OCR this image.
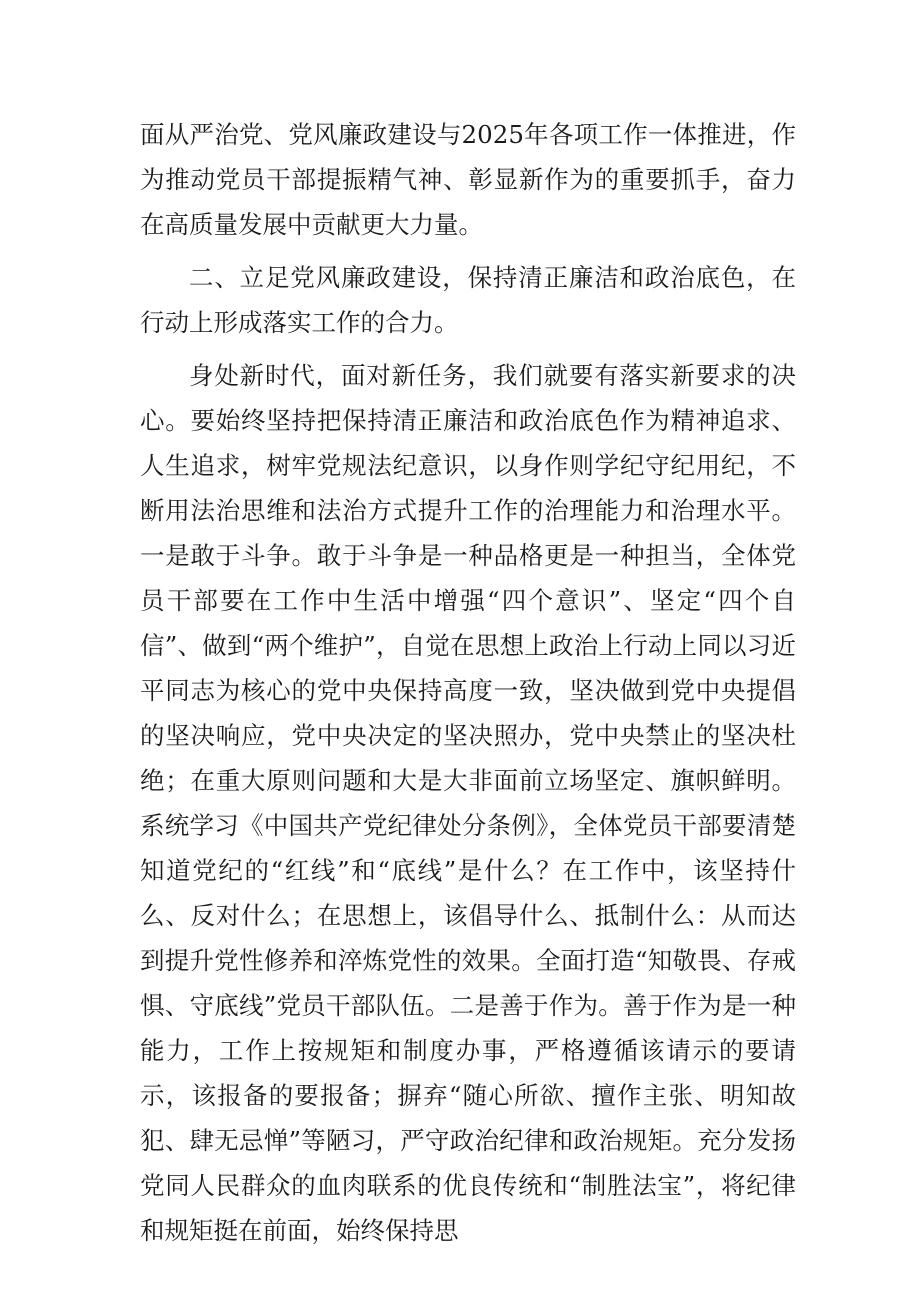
面从严治党、党风廉政建设与2025年各项工作一体推进，作为推动党员干部提振精气神、彰显新作为的重要抓手，奋力在高质量发展中贡献更大力量。

二、立足党风廉政建设，保持清正廉洁和政治底色，在行动上形成落实工作的合力。

身处新时代，面对新任务，我们就要有落实新要求的决心。要始终坚持把保持清正廉洁和政治底色作为精神追求、人生追求，树牢党规法纪意识，以身作则学纪守纪用纪，不断用法治思维和法治方式提升工作的治理能力和治理水平。一是敢于斗争。敢于斗争是一种品格更是一种担当，全体党员干部要在工作中生活中增强“四个意识”、坚定“四个自信”、做到“两个维护”，自觉在思想上政治上行动上同以习近平同志为核心的党中央保持高度一致，坚决做到党中央提倡的坚决响应，党中央决定的坚决照办，党中央禁止的坚决杜绝；在重大原则问题和大是大非面前立场坚定、旗帜鲜明。系统学习《中国共产党纪律处分条例》，全体党员干部要清楚知道党纪的“红线”和“底线”是什么？在工作中，该坚持什么、反对什么；在思想上，该倡导什么、抵制什么：从而达到提升党性修养和淬炼党性的效果。全面打造“知敬畏、存戒惧、守底线”党员干部队伍。二是善于作为。善于作为是一种能力，工作上按规矩和制度办事，严格遵循该请示的要请示，该报备的要报备；摒弃“随心所欲、擅作主张、明知故犯、肆无忌惮”等陋习，严守政治纪律和政治规矩。充分发扬党同人民群众的血肉联系的优良传统和“制胜法宝”，将纪律和规矩挺在前面，始终保持思
